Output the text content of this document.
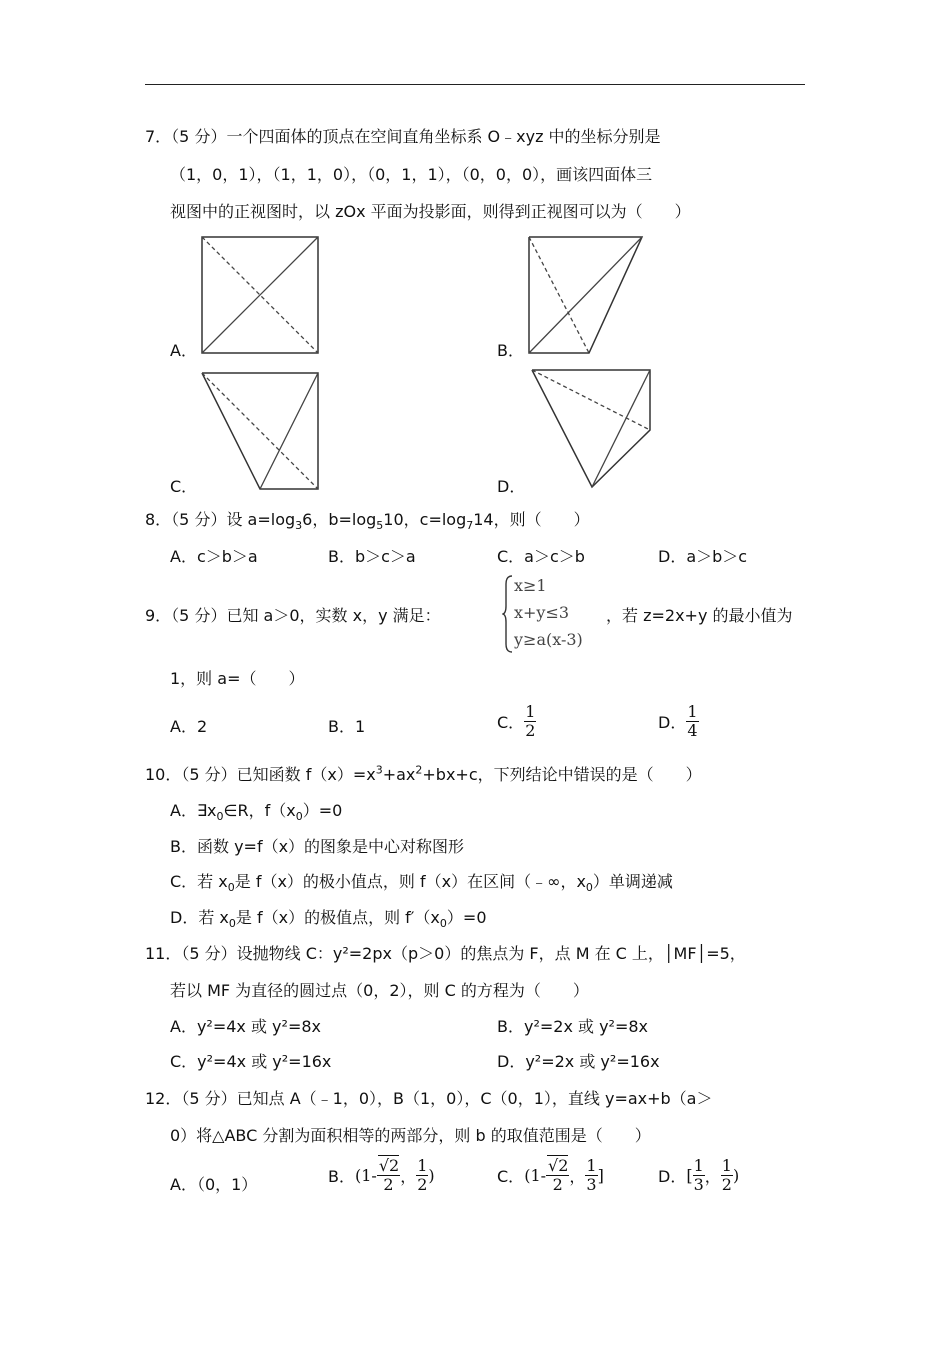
7．（5 分）一个四面体的顶点在空间直角坐标系 O﹣xyz 中的坐标分别是
（1，0，1），（1，1，0），（0，1，1），（0，0，0），画该四面体三
视图中的正视图时，以 zOx 平面为投影面，则得到正视图可以为（　　）
A．	B．
C．	D．
8．（5 分）设 $a=\log_36$，$b=\log_510$，$c=\log_714$，则（　　）
A．c＞b＞a	B．b＞c＞a	C．a＞c＞b	D．a＞b＞c
9．（5 分）已知 a＞0，实数 x，y 满足：
x≥1
x+y≤3
y≥a(x-3)
，若 z=2x+y 的最小值为
1，则 a=（　　）
A．2	B．1	C． $\frac{1}{2}$	D． $\frac{1}{4}$
10．（5 分）已知函数 $f(x)=x^3+ax^2+bx+c$，下列结论中错误的是（　　）
A．$\exists x_0\in R$，$f(x_0)=0$
B．函数 y=f（x）的图象是中心对称图形
C．若 $x_0$是 f（x）的极小值点，则 f（x）在区间（﹣∞，$x_0$）单调递减
D．若 $x_0$是 f（x）的极值点，则 $f'(x_0)=0$
11．（5 分）设抛物线 C：y²=2px（p＞0）的焦点为 F，点 M 在 C 上，│MF│=5，
若以 MF 为直径的圆过点（0，2），则 C 的方程为（　　）
A．y²=4x 或 y²=8x	B．y²=2x 或 y²=8x
C．y²=4x 或 y²=16x	D．y²=2x 或 y²=16x
12．（5 分）已知点 A（﹣1，0），B（1，0），C（0，1），直线 y=ax+b（a＞
0）将△ABC 分割为面积相等的两部分，则 b 的取值范围是（　　）
A．（0，1）	B．($1- \frac{√2}{2}$ ， $\frac{1}{2}$ )	C．($1- \frac{√2}{2}$ ， $\frac{1}{3}$ ]	D．[ $\frac{1}{3}$ ， $\frac{1}{2}$ )
